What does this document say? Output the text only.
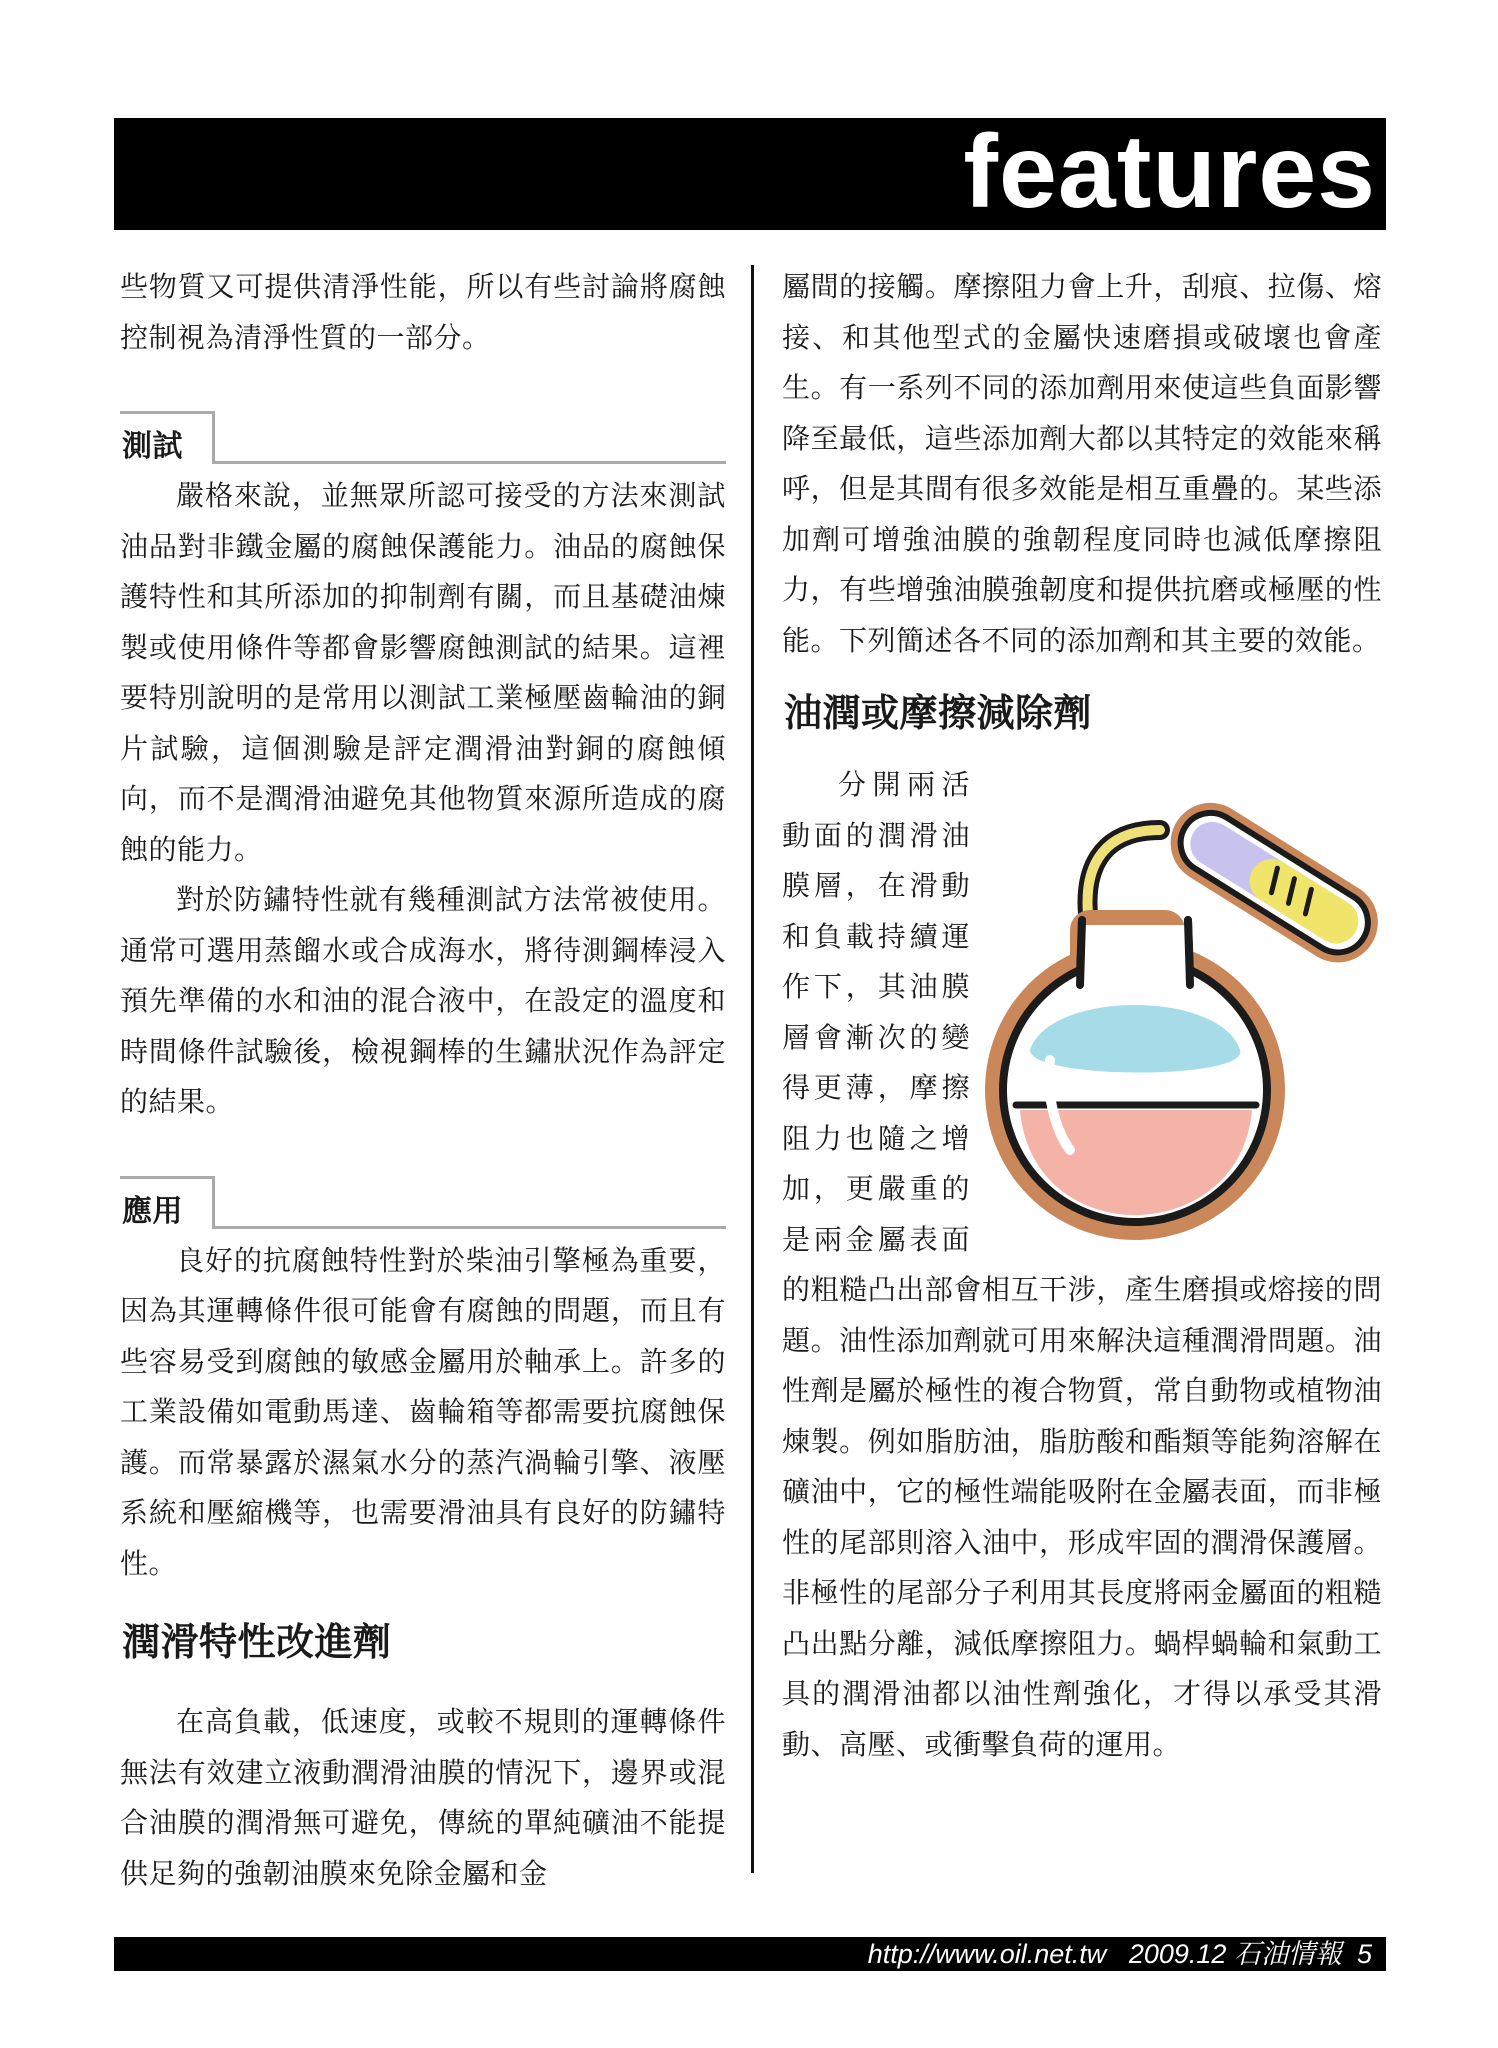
features

些物質又可提供清淨性能，所以有些討論將腐蝕控制視為清淨性質的一部分。

測試

嚴格來說，並無眾所認可接受的方法來測試油品對非鐵金屬的腐蝕保護能力。油品的腐蝕保護特性和其所添加的抑制劑有關，而且基礎油煉製或使用條件等都會影響腐蝕測試的結果。這裡要特別說明的是常用以測試工業極壓齒輪油的銅片試驗，這個測驗是評定潤滑油對銅的腐蝕傾向，而不是潤滑油避免其他物質來源所造成的腐蝕的能力。

對於防鏽特性就有幾種測試方法常被使用。通常可選用蒸餾水或合成海水，將待測鋼棒浸入預先準備的水和油的混合液中，在設定的溫度和時間條件試驗後，檢視鋼棒的生鏽狀況作為評定的結果。

應用

良好的抗腐蝕特性對於柴油引擎極為重要，因為其運轉條件很可能會有腐蝕的問題，而且有些容易受到腐蝕的敏感金屬用於軸承上。許多的工業設備如電動馬達、齒輪箱等都需要抗腐蝕保護。而常暴露於濕氣水分的蒸汽渦輪引擎、液壓系統和壓縮機等，也需要滑油具有良好的防鏽特性。

潤滑特性改進劑

在高負載，低速度，或較不規則的運轉條件無法有效建立液動潤滑油膜的情況下，邊界或混合油膜的潤滑無可避免，傳統的單純礦油不能提供足夠的強韌油膜來免除金屬和金

屬間的接觸。摩擦阻力會上升，刮痕、拉傷、熔接、和其他型式的金屬快速磨損或破壞也會產生。有一系列不同的添加劑用來使這些負面影響降至最低，這些添加劑大都以其特定的效能來稱呼，但是其間有很多效能是相互重疊的。某些添加劑可增強油膜的強韌程度同時也減低摩擦阻力，有些增強油膜強韌度和提供抗磨或極壓的性能。下列簡述各不同的添加劑和其主要的效能。

油潤或摩擦減除劑

分開兩活動面的潤滑油膜層，在滑動和負載持續運作下，其油膜層會漸次的變得更薄，摩擦阻力也隨之增加，更嚴重的是兩金屬表面的粗糙凸出部會相互干涉，產生磨損或熔接的問題。油性添加劑就可用來解決這種潤滑問題。油性劑是屬於極性的複合物質，常自動物或植物油煉製。例如脂肪油，脂肪酸和酯類等能夠溶解在礦油中，它的極性端能吸附在金屬表面，而非極性的尾部則溶入油中，形成牢固的潤滑保護層。非極性的尾部分子利用其長度將兩金屬面的粗糙凸出點分離，減低摩擦阻力。蝸桿蝸輪和氣動工具的潤滑油都以油性劑強化，才得以承受其滑動、高壓、或衝擊負荷的運用。

http://www.oil.net.tw 2009.12 石油情報 5
